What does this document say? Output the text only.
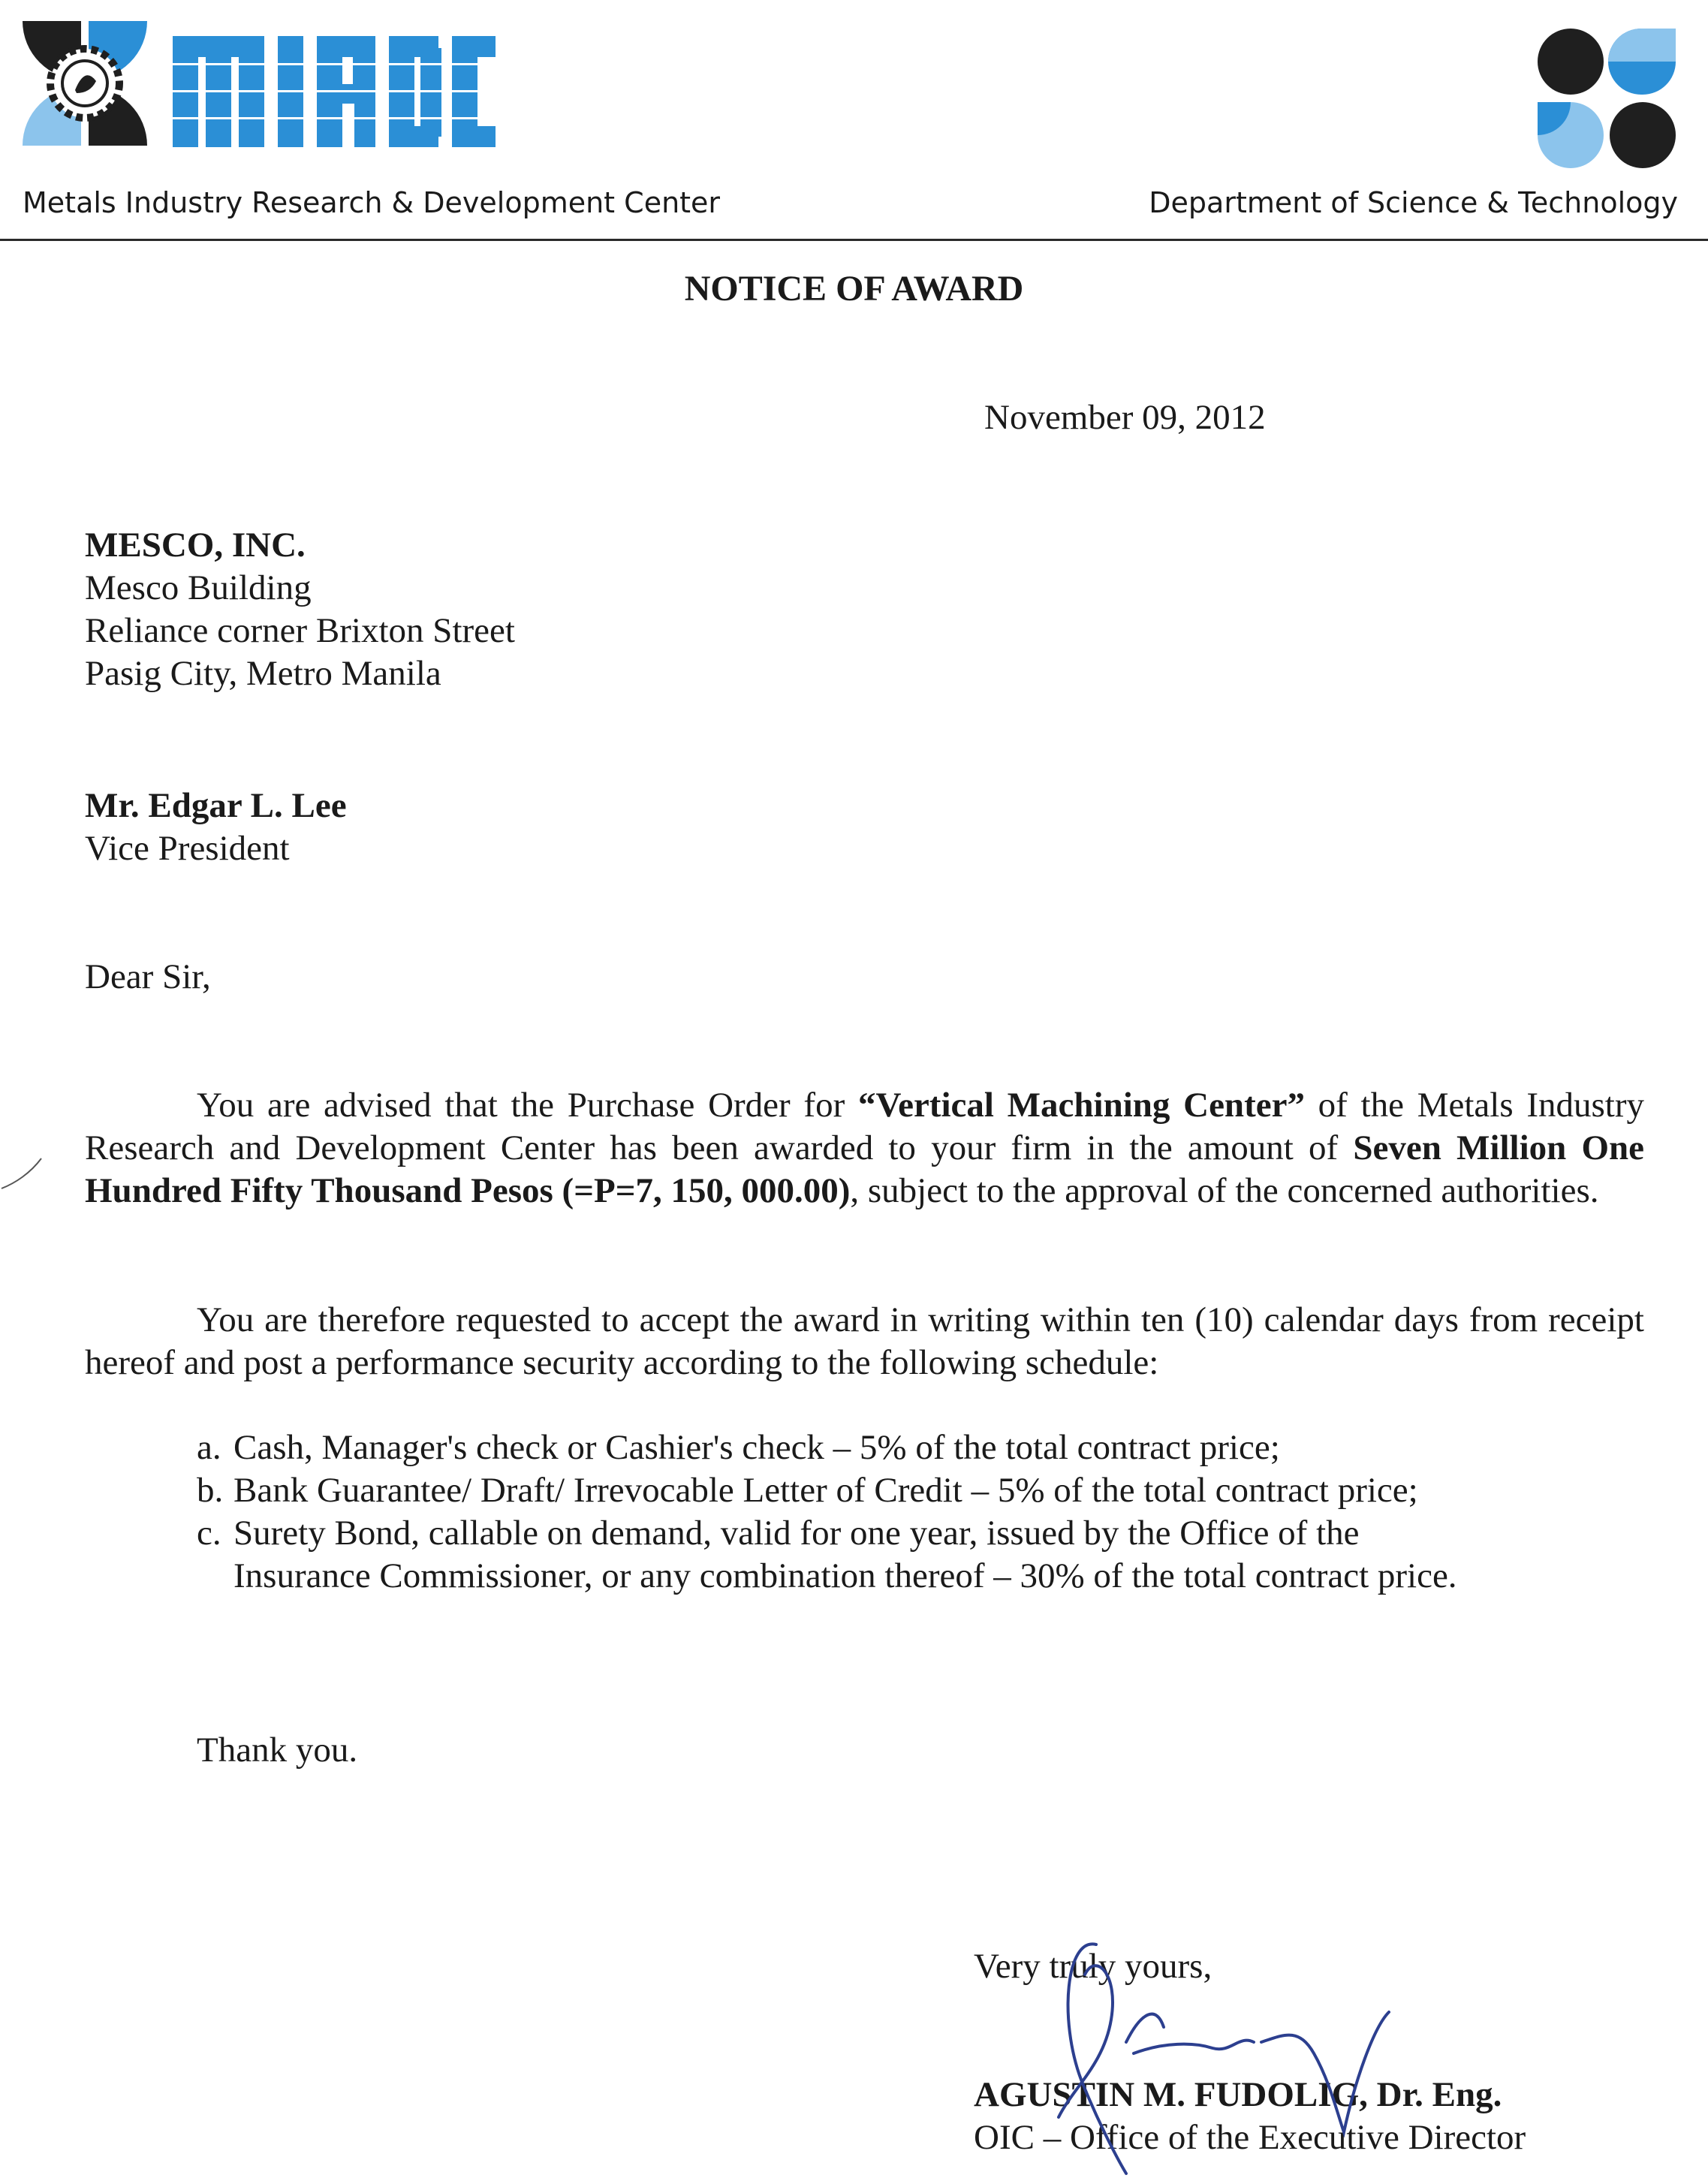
Metals Industry Research & Development Center	Department of Science & Technology
NOTICE OF AWARD
November 09, 2012
MESCO, INC.
Mesco Building
Reliance corner Brixton Street
Pasig City, Metro Manila
Mr. Edgar L. Lee
Vice President
Dear Sir,
You are advised that the Purchase Order for “Vertical Machining Center” of the Metals Industry Research and Development Center has been awarded to your firm in the amount of Seven Million One Hundred Fifty Thousand Pesos (=P=7, 150, 000.00), subject to the approval of the concerned authorities.
You are therefore requested to accept the award in writing within ten (10) calendar days from receipt hereof and post a performance security according to the following schedule:
a. Cash, Manager's check or Cashier's check – 5% of the total contract price;
b. Bank Guarantee/ Draft/ Irrevocable Letter of Credit – 5% of the total contract price;
c. Surety Bond, callable on demand, valid for one year, issued by the Office of the Insurance Commissioner, or any combination thereof – 30% of the total contract price.
Thank you.
Very truly yours,
AGUSTIN M. FUDOLIG, Dr. Eng.
OIC – Office of the Executive Director
